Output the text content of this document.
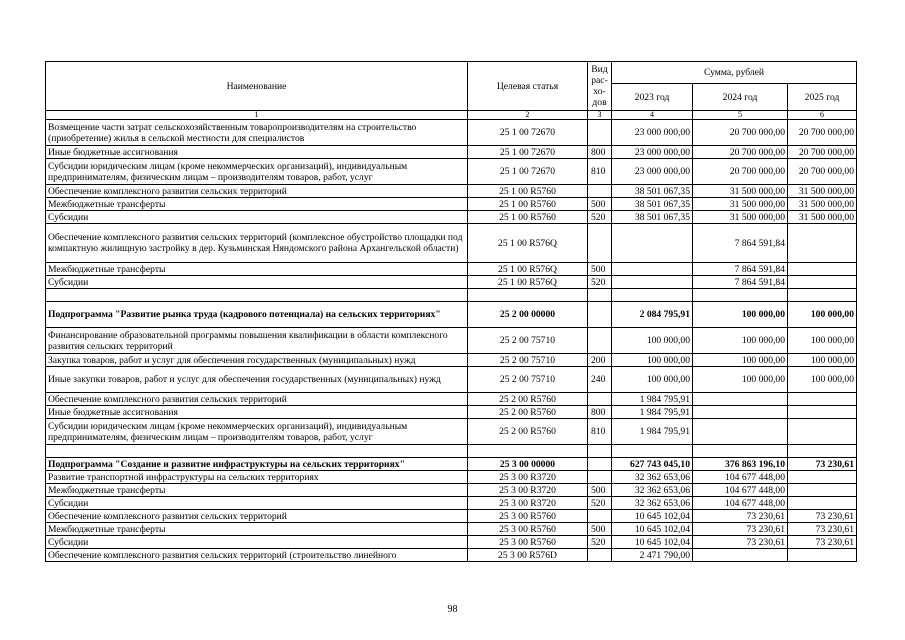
Наименование	Целевая статья	Вид рас-хо-дов	Сумма, рублей		
			2023 год	2024 год	2025 год
1	2	3	4	5	6
Возмещение части затрат сельскохозяйственным товаропроизводителям на строительство (приобретение) жилья в сельской местности для специалистов	25 1 00 72670		23 000 000,00	20 700 000,00	20 700 000,00
Иные бюджетные ассигнования	25 1 00 72670	800	23 000 000,00	20 700 000,00	20 700 000,00
Субсидии юридическим лицам (кроме некоммерческих организаций), индивидуальным предпринимателям, физическим лицам – производителям товаров, работ, услуг	25 1 00 72670	810	23 000 000,00	20 700 000,00	20 700 000,00
Обеспечение комплексного развития сельских территорий	25 1 00 R5760		38 501 067,35	31 500 000,00	31 500 000,00
Межбюджетные трансферты	25 1 00 R5760	500	38 501 067,35	31 500 000,00	31 500 000,00
Субсидии	25 1 00 R5760	520	38 501 067,35	31 500 000,00	31 500 000,00
Обеспечение комплексного развития сельских территорий (комплексное обустройство площадки под компактную жилищную застройку в дер. Кузьминская Няндомского района Архангельской области)	25 1 00 R576Q			7 864 591,84	
Межбюджетные трансферты	25 1 00 R576Q	500		7 864 591,84	
Субсидии	25 1 00 R576Q	520		7 864 591,84	

Подпрограмма "Развитие рынка труда (кадрового потенциала) на сельских территориях"	25 2 00 00000		2 084 795,91	100 000,00	100 000,00
Финансирование образовательной программы повышения квалификации в области комплексного развития сельских территорий	25 2 00 75710		100 000,00	100 000,00	100 000,00
Закупка товаров, работ и услуг для обеспечения государственных (муниципальных) нужд	25 2 00 75710	200	100 000,00	100 000,00	100 000,00
Иные закупки товаров, работ и услуг для обеспечения государственных (муниципальных) нужд	25 2 00 75710	240	100 000,00	100 000,00	100 000,00
Обеспечение комплексного развития сельских территорий	25 2 00 R5760		1 984 795,91		
Иные бюджетные ассигнования	25 2 00 R5760	800	1 984 795,91		
Субсидии юридическим лицам (кроме некоммерческих организаций), индивидуальным предпринимателям, физическим лицам – производителям товаров, работ, услуг	25 2 00 R5760	810	1 984 795,91		

Подпрограмма "Создание и развитие инфраструктуры на сельских территориях"	25 3 00 00000		627 743 045,10	376 863 196,10	73 230,61
Развитие транспортной инфраструктуры на сельских территориях	25 3 00 R3720		32 362 653,06	104 677 448,00	
Межбюджетные трансферты	25 3 00 R3720	500	32 362 653,06	104 677 448,00	
Субсидии	25 3 00 R3720	520	32 362 653,06	104 677 448,00	
Обеспечение комплексного развития сельских территорий	25 3 00 R5760		10 645 102,04	73 230,61	73 230,61
Межбюджетные трансферты	25 3 00 R5760	500	10 645 102,04	73 230,61	73 230,61
Субсидии	25 3 00 R5760	520	10 645 102,04	73 230,61	73 230,61
Обеспечение комплексного развития сельских территорий (строительство линейного	25 3 00 R576D		2 471 790,00		
98
